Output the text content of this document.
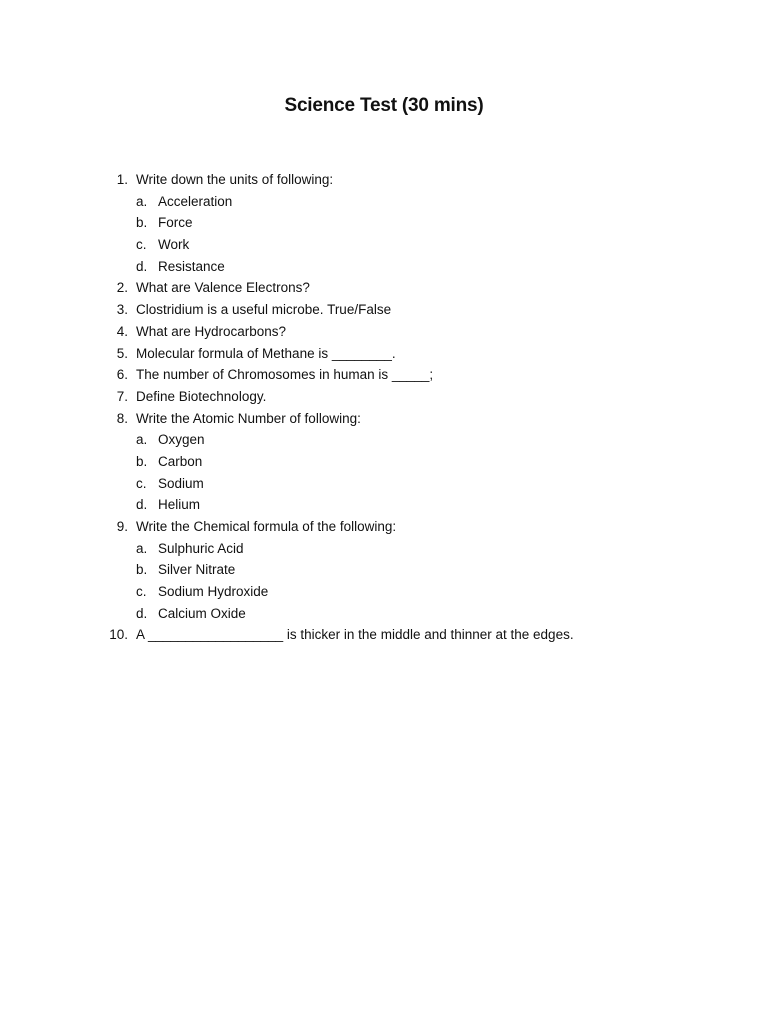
Science Test (30 mins)
1. Write down the units of following:
a. Acceleration
b. Force
c. Work
d. Resistance
2. What are Valence Electrons?
3. Clostridium is a useful microbe. True/False
4. What are Hydrocarbons?
5. Molecular formula of Methane is ________.
6. The number of Chromosomes in human is _____;
7. Define Biotechnology.
8. Write the Atomic Number of following:
a. Oxygen
b. Carbon
c. Sodium
d. Helium
9. Write the Chemical formula of the following:
a. Sulphuric Acid
b. Silver Nitrate
c. Sodium Hydroxide
d. Calcium Oxide
10. A __________________ is thicker in the middle and thinner at the edges.
